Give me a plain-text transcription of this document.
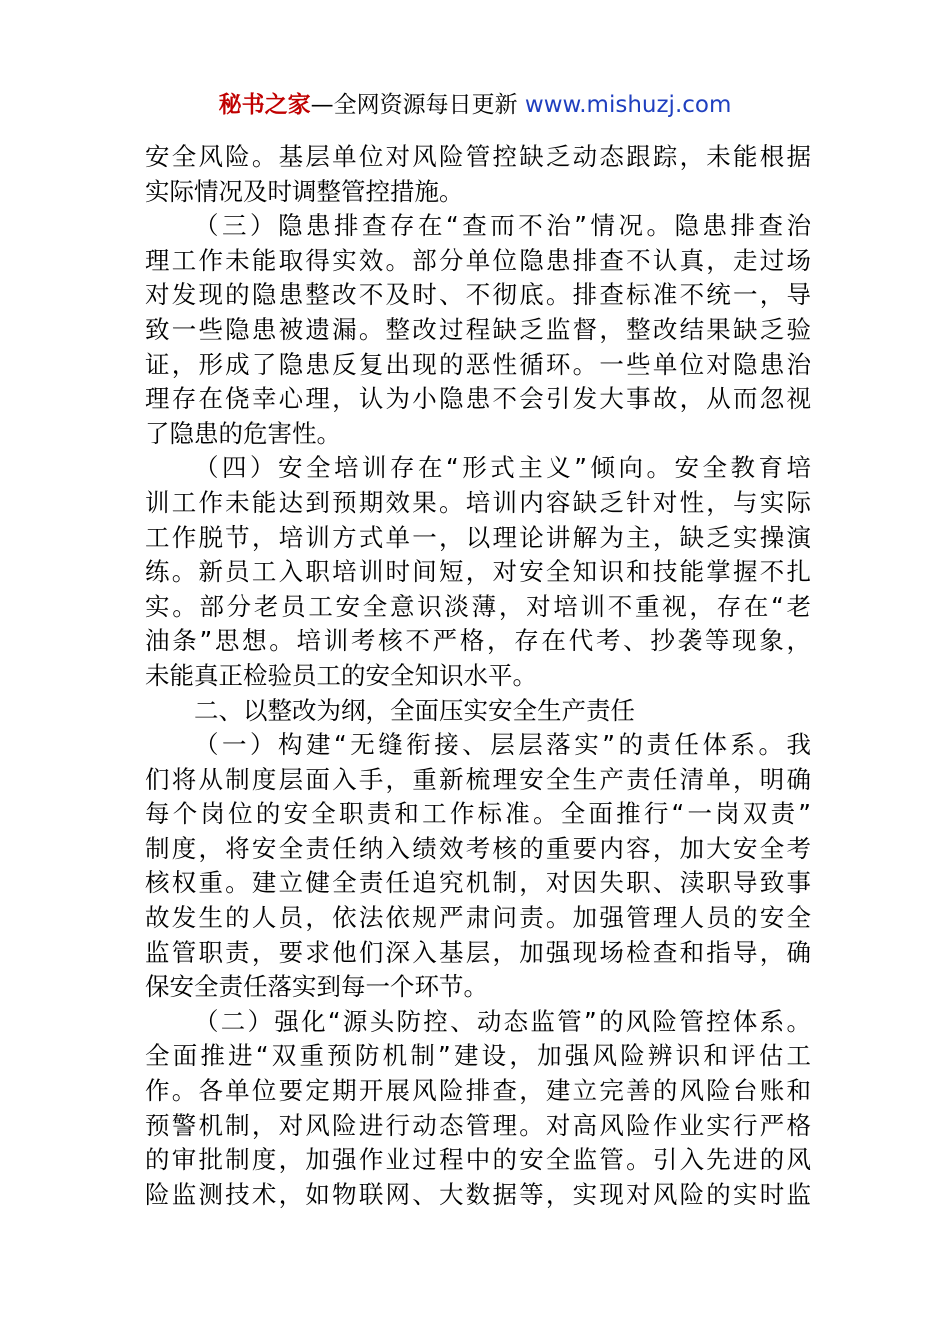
秘书之家—全网资源每日更新 www.mishuzj.com
安全风险。基层单位对风险管控缺乏动态跟踪，未能根据
实际情况及时调整管控措施。
（三）隐患排查存在“查而不治”情况。隐患排查治
理工作未能取得实效。部分单位隐患排查不认真，走过场
对发现的隐患整改不及时、不彻底。排查标准不统一，导
致一些隐患被遗漏。整改过程缺乏监督，整改结果缺乏验
证，形成了隐患反复出现的恶性循环。一些单位对隐患治
理存在侥幸心理，认为小隐患不会引发大事故，从而忽视
了隐患的危害性。
（四）安全培训存在“形式主义”倾向。安全教育培
训工作未能达到预期效果。培训内容缺乏针对性，与实际
工作脱节，培训方式单一，以理论讲解为主，缺乏实操演
练。新员工入职培训时间短，对安全知识和技能掌握不扎
实。部分老员工安全意识淡薄，对培训不重视，存在“老
油条”思想。培训考核不严格，存在代考、抄袭等现象，
未能真正检验员工的安全知识水平。
二、以整改为纲，全面压实安全生产责任
（一）构建“无缝衔接、层层落实”的责任体系。我
们将从制度层面入手，重新梳理安全生产责任清单，明确
每个岗位的安全职责和工作标准。全面推行“一岗双责”
制度，将安全责任纳入绩效考核的重要内容，加大安全考
核权重。建立健全责任追究机制，对因失职、渎职导致事
故发生的人员，依法依规严肃问责。加强管理人员的安全
监管职责，要求他们深入基层，加强现场检查和指导，确
保安全责任落实到每一个环节。
（二）强化“源头防控、动态监管”的风险管控体系。
全面推进“双重预防机制”建设，加强风险辨识和评估工
作。各单位要定期开展风险排查，建立完善的风险台账和
预警机制，对风险进行动态管理。对高风险作业实行严格
的审批制度，加强作业过程中的安全监管。引入先进的风
险监测技术，如物联网、大数据等，实现对风险的实时监
